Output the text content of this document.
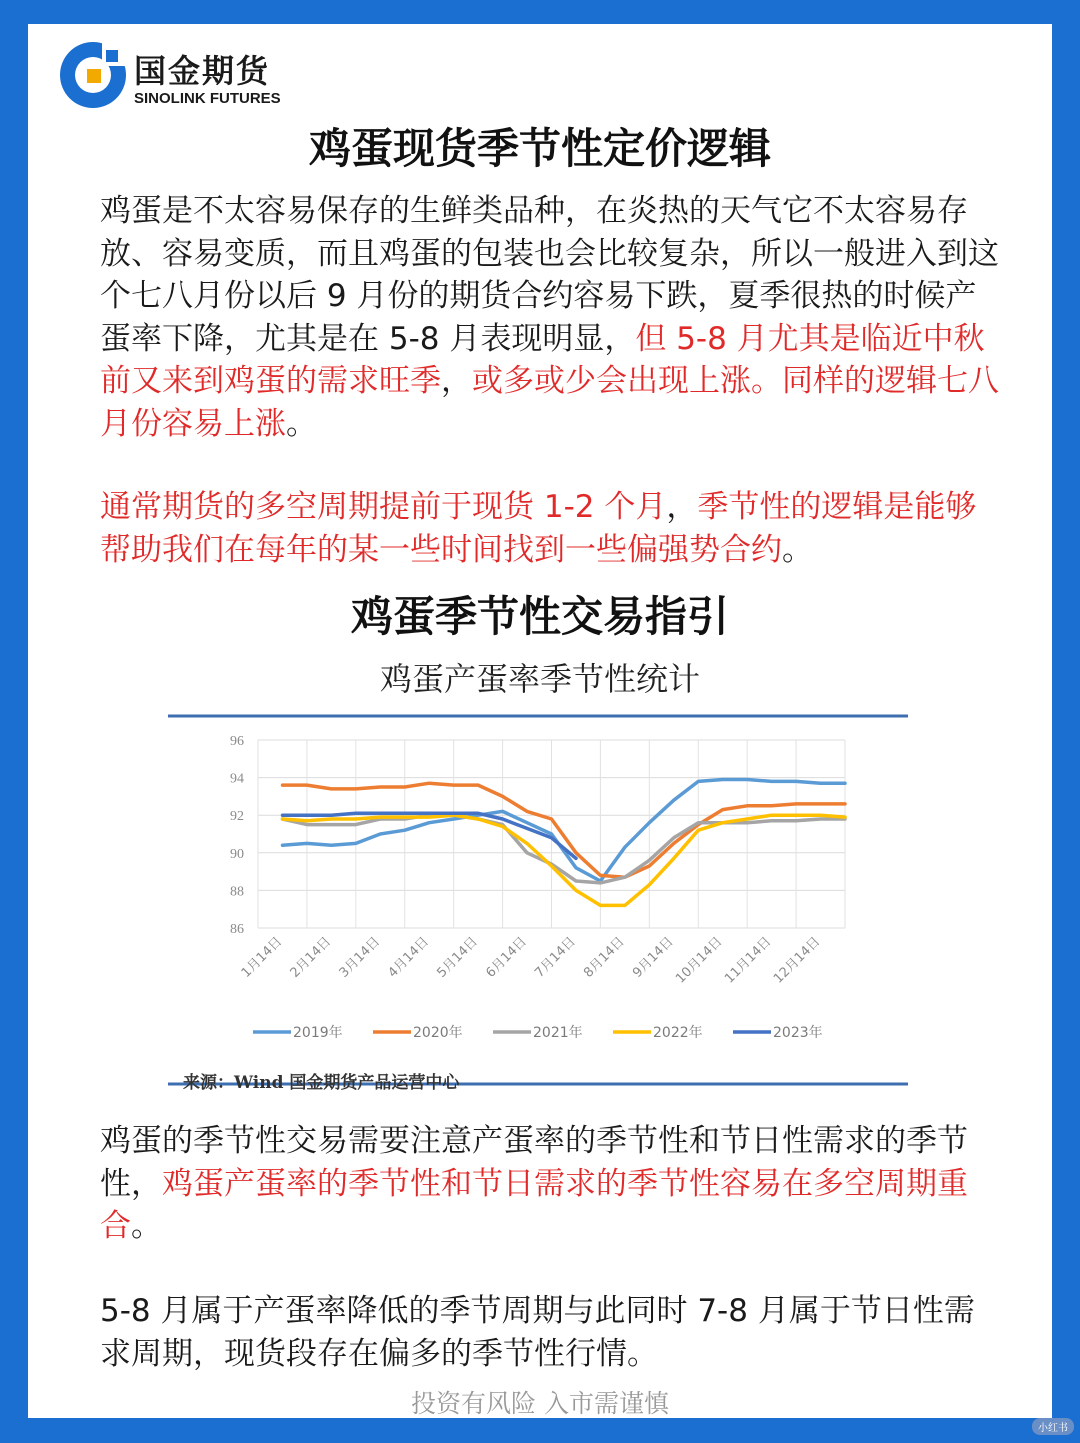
国金期货
SINOLINK FUTURES
鸡蛋现货季节性定价逻辑
鸡蛋是不太容易保存的生鲜类品种，在炎热的天气它不太容易存放、容易变质，而且鸡蛋的包装也会比较复杂，所以一般进入到这个七八月份以后 9 月份的期货合约容易下跌，夏季很热的时候产蛋率下降，尤其是在 5-8 月表现明显，但 5-8 月尤其是临近中秋前又来到鸡蛋的需求旺季，或多或少会出现上涨。同样的逻辑七八月份容易上涨。
通常期货的多空周期提前于现货 1-2 个月，季节性的逻辑是能够帮助我们在每年的某一些时间找到一些偏强势合约。
鸡蛋季节性交易指引
鸡蛋产蛋率季节性统计
86
88
90
92
94
96
1月14日 2月14日 3月14日 4月14日 5月14日 6月14日 7月14日 8月14日 9月14日
10月14日
11月14日
12月14日
2019年	2020年	2021年	2022年	2023年
来源：Wind 国金期货产品运营中心
鸡蛋的季节性交易需要注意产蛋率的季节性和节日性需求的季节性，鸡蛋产蛋率的季节性和节日需求的季节性容易在多空周期重合。
5-8 月属于产蛋率降低的季节周期与此同时 7-8 月属于节日性需求周期，现货段存在偏多的季节性行情。
投资有风险 入市需谨慎
小红书
